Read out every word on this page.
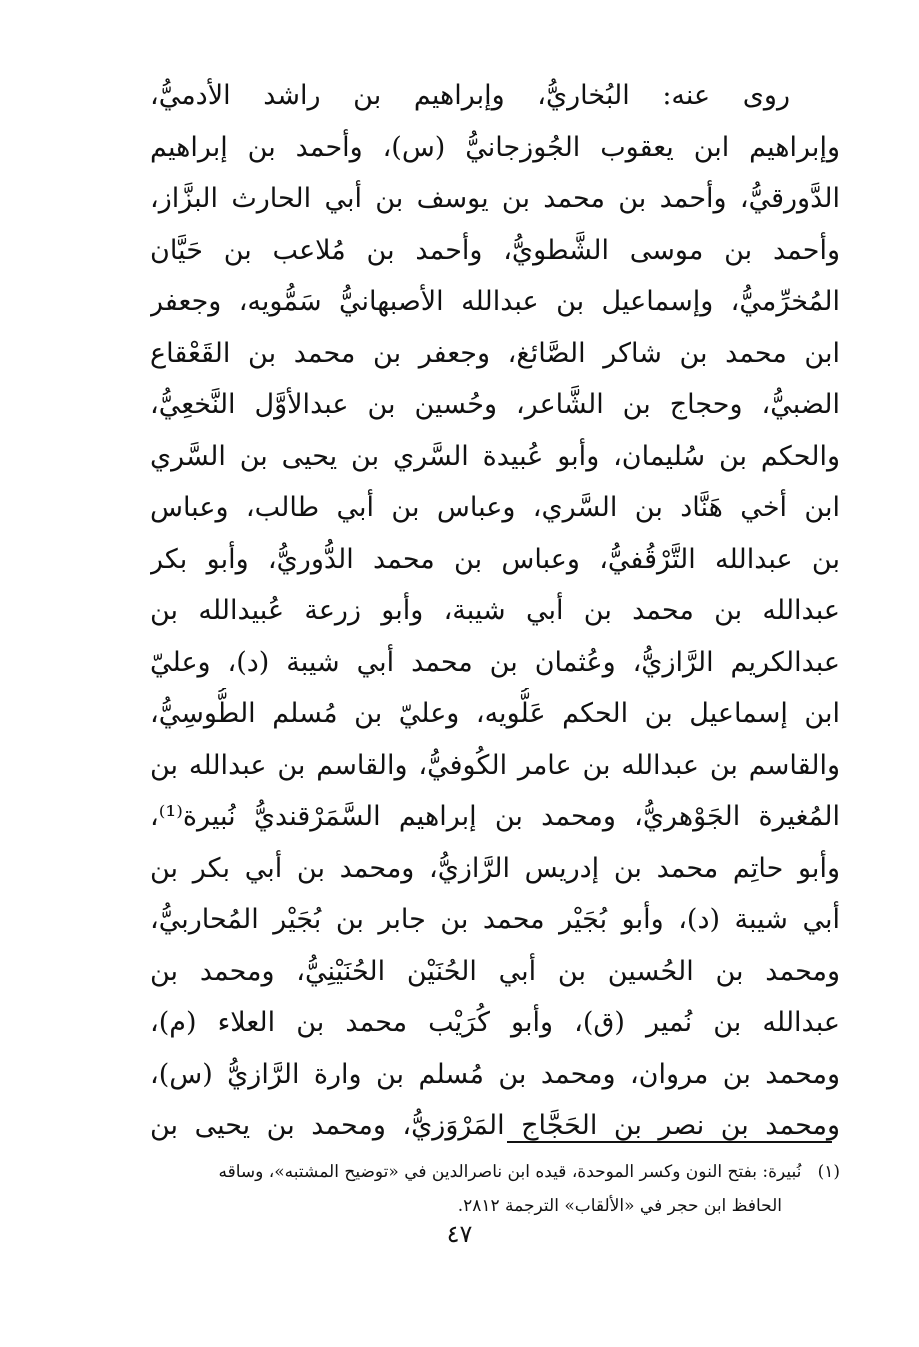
روى عنه: البُخاريُّ، وإبراهيم بن راشد الأدميُّ،
وإبراهيم ابن يعقوب الجُوزجانيُّ (س)، وأحمد بن إبراهيم
الدَّورقيُّ، وأحمد بن محمد بن يوسف بن أبي الحارث البزَّاز،
وأحمد بن موسى الشَّطويُّ، وأحمد بن مُلاعب بن حَيَّان
المُخرِّميُّ، وإسماعيل بن عبدالله الأصبهانيُّ سَمُّويه، وجعفر
ابن محمد بن شاكر الصَّائغ، وجعفر بن محمد بن القَعْقاع
الضبيُّ، وحجاج بن الشَّاعر، وحُسين بن عبدالأوَّل النَّخعِيُّ،
والحكم بن سُليمان، وأبو عُبيدة السَّري بن يحيى بن السَّري
ابن أخي هَنَّاد بن السَّري، وعباس بن أبي طالب، وعباس
بن عبدالله التَّرْقُفيُّ، وعباس بن محمد الدُّوريُّ، وأبو بكر
عبدالله بن محمد بن أبي شيبة، وأبو زرعة عُبيدالله بن
عبدالكريم الرَّازيُّ، وعُثمان بن محمد أبي شيبة (د)، وعليّ
ابن إسماعيل بن الحكم عَلُّويه، وعليّ بن مُسلم الطُّوسِيُّ،
والقاسم بن عبدالله بن عامر الكُوفيُّ، والقاسم بن عبدالله بن
المُغيرة الجَوْهريُّ، ومحمد بن إبراهيم السَّمَرْقنديُّ نُبيرة⁽¹⁾،
وأبو حاتِم محمد بن إدريس الرَّازيُّ، ومحمد بن أبي بكر بن
أبي شيبة (د)، وأبو بُجَيْر محمد بن جابر بن بُجَيْر المُحاربيُّ،
ومحمد بن الحُسين بن أبي الحُنَيْن الحُنَيْنِيُّ، ومحمد بن
عبدالله بن نُمير (ق)، وأبو كُرَيْب محمد بن العلاء (م)،
ومحمد بن مروان، ومحمد بن مُسلم بن وارة الرَّازيُّ (س)،
ومحمد بن نصر بن الحَجَّاج المَرْوَزيُّ، ومحمد بن يحيى بن
(١)   نُبيرة: بفتح النون وكسر الموحدة، قيده ابن ناصرالدين في «توضيح المشتبه»، وساقه
الحافظ ابن حجر في «الألقاب» الترجمة ٢٨١٢.
٤٧
